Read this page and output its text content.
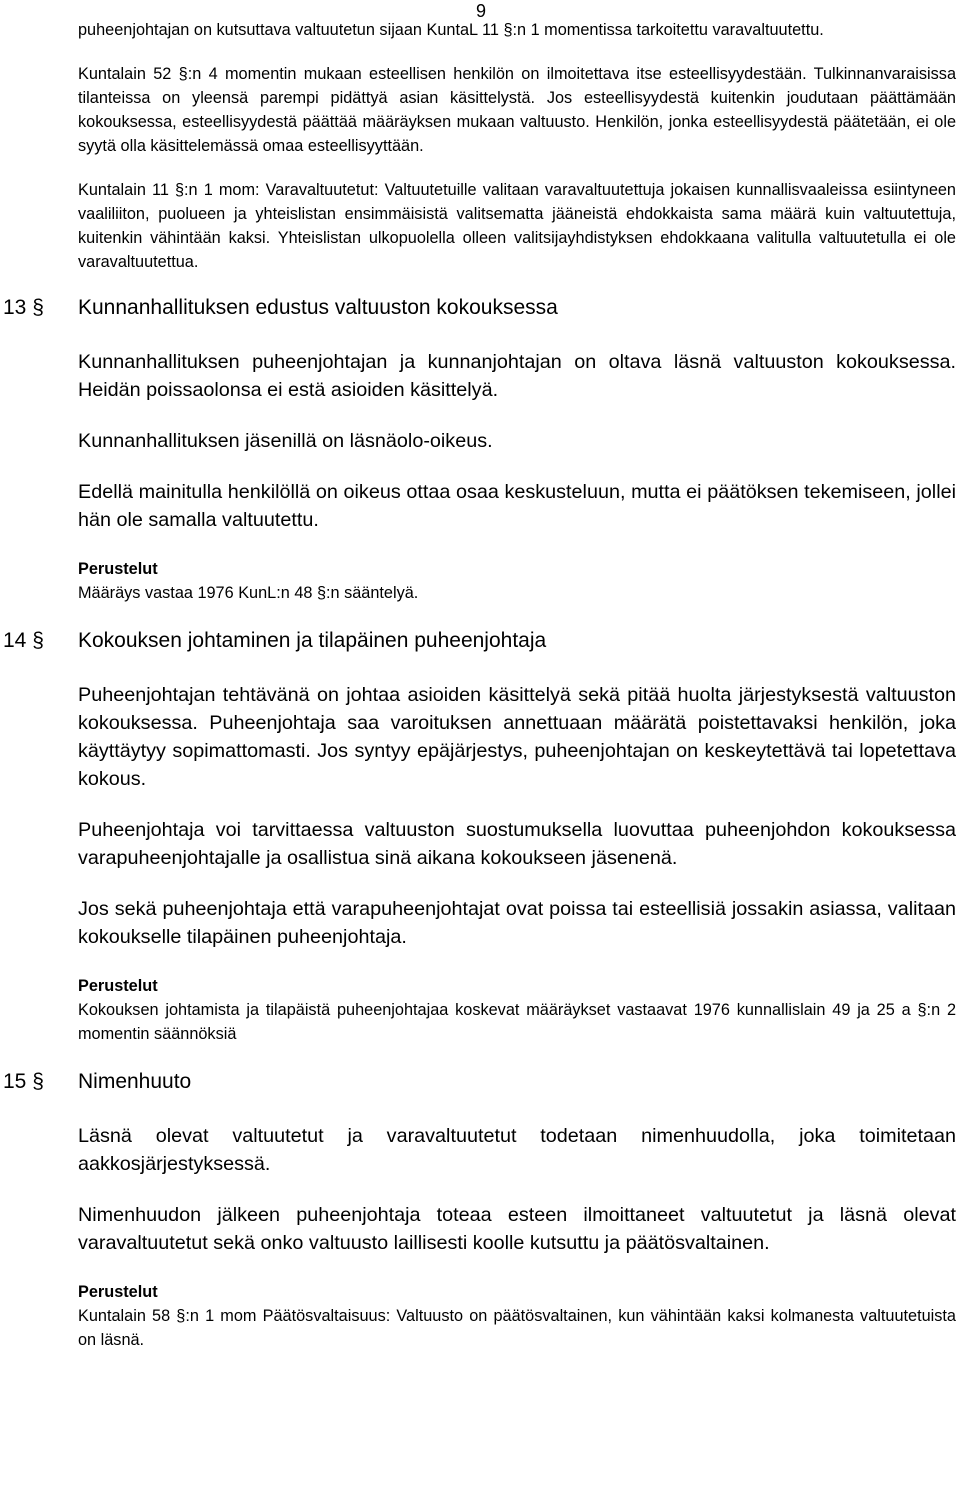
9

puheenjohtajan on kutsuttava valtuutetun sijaan KuntaL 11 §:n 1 momentissa tarkoitettu varavaltuutettu.

Kuntalain 52 §:n 4 momentin mukaan esteellisen henkilön on ilmoitettava itse esteellisyydestään. Tulkinnanvaraisissa tilanteissa on yleensä parempi pidättyä asian käsittelystä. Jos esteellisyydestä kuitenkin joudutaan päättämään kokouksessa, esteellisyydestä päättää määräyksen mukaan valtuusto. Henkilön, jonka esteellisyydestä päätetään, ei ole syytä olla käsittelemässä omaa esteellisyyttään.

Kuntalain 11 §:n 1 mom: Varavaltuutetut: Valtuutetuille valitaan varavaltuutettuja jokaisen kunnallisvaaleissa esiintyneen vaaliliiton, puolueen ja yhteislistan ensimmäisistä valitsematta jääneistä ehdokkaista sama määrä kuin valtuutettuja, kuitenkin vähintään kaksi. Yhteislistan ulkopuolella olleen valitsijayhdistyksen ehdokkaana valitulla valtuutetulla ei ole varavaltuutettua.

13 §	Kunnanhallituksen edustus valtuuston kokouksessa

Kunnanhallituksen puheenjohtajan ja kunnanjohtajan on oltava läsnä valtuuston kokouksessa. Heidän poissaolonsa ei estä asioiden käsittelyä.

Kunnanhallituksen jäsenillä on läsnäolo-oikeus.

Edellä mainitulla henkilöllä on oikeus ottaa osaa keskusteluun, mutta ei päätöksen tekemiseen, jollei hän ole samalla valtuutettu.

Perustelut

Määräys vastaa 1976 KunL:n 48 §:n sääntelyä.

14 §	Kokouksen johtaminen ja tilapäinen puheenjohtaja

Puheenjohtajan tehtävänä on johtaa asioiden käsittelyä sekä pitää huolta järjestyksestä valtuuston kokouksessa. Puheenjohtaja saa varoituksen annettuaan määrätä poistettavaksi henkilön, joka käyttäytyy sopimattomasti. Jos syntyy epäjärjestys, puheenjohtajan on keskeytettävä tai lopetettava kokous.

Puheenjohtaja voi tarvittaessa valtuuston suostumuksella luovuttaa puheenjohdon kokouksessa varapuheenjohtajalle ja osallistua sinä aikana kokoukseen jäsenenä.

Jos sekä puheenjohtaja että varapuheenjohtajat ovat poissa tai esteellisiä jossakin asiassa, valitaan kokoukselle tilapäinen puheenjohtaja.

Perustelut

Kokouksen johtamista ja tilapäistä puheenjohtajaa koskevat määräykset vastaavat 1976 kunnallislain 49 ja 25 a §:n 2 momentin säännöksiä

15 §	Nimenhuuto

Läsnä olevat valtuutetut ja varavaltuutetut todetaan nimenhuudolla, joka toimitetaan aakkosjärjestyksessä.

Nimenhuudon jälkeen puheenjohtaja toteaa esteen ilmoittaneet valtuutetut ja läsnä olevat varavaltuutetut sekä onko valtuusto laillisesti koolle kutsuttu ja päätösvaltainen.

Perustelut

Kuntalain 58 §:n 1 mom Päätösvaltaisuus: Valtuusto on päätösvaltainen, kun vähintään kaksi kolmanesta valtuutetuista on läsnä.
